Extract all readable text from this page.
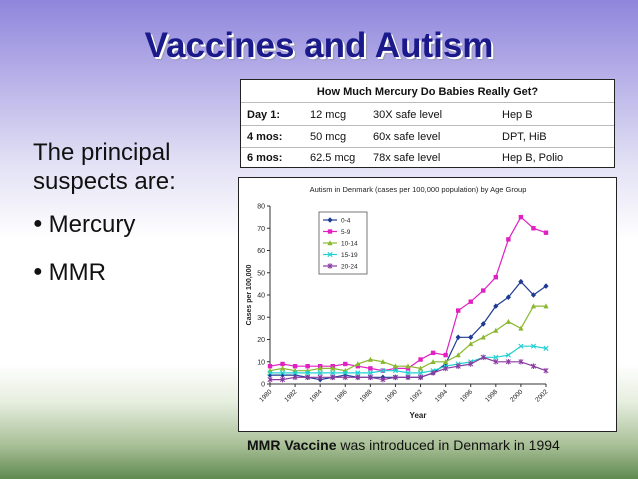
Vaccines and Autism
The principal suspects are:
● Mercury
● MMR
How Much Mercury Do Babies Really Get?
Day 1:	12 mcg 30X safe level	Hep B
4 mos:	50 mcg 60x safe level	DPT, HiB
6 mos:	62.5 mcg 78x safe level	Hep B, Polio
Autism in Denmark (cases per 100,000 population) by Age Group
0
10
20
30
40
50
60
70
80
1980 1982 1984 1986 1988 1990 1992 1994 1996 1998 2000 2002
Year
Cases per 100,000
0-4
5-9
10-14
15-19
20-24
MMR Vaccine was introduced in Denmark in 1994
